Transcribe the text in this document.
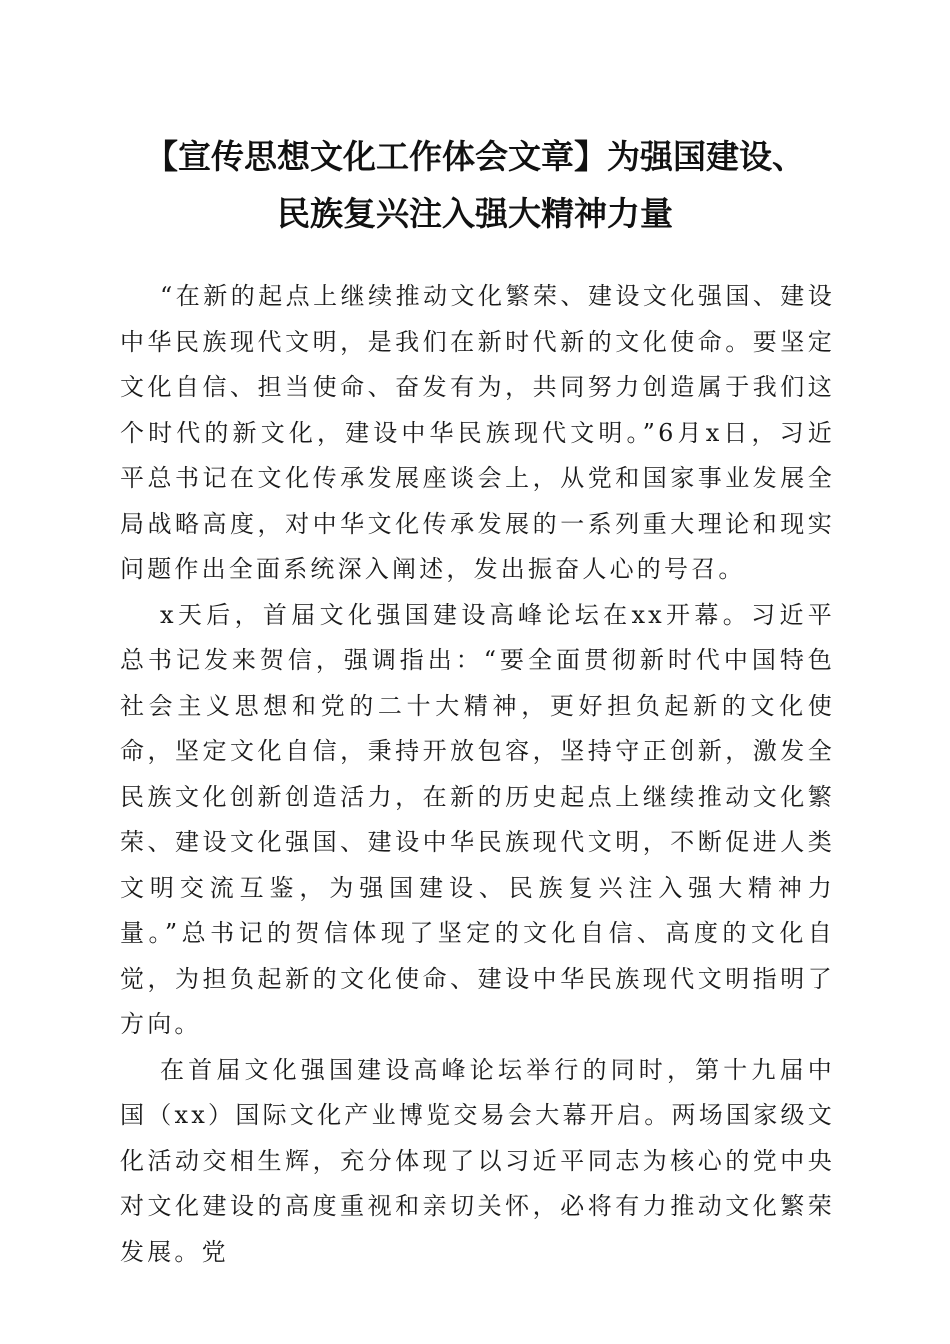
【宣传思想文化工作体会文章】为强国建设、
民族复兴注入强大精神力量

“在新的起点上继续推动文化繁荣、建设文化强国、建设中华民族现代文明，是我们在新时代新的文化使命。要坚定文化自信、担当使命、奋发有为，共同努力创造属于我们这个时代的新文化，建设中华民族现代文明。”6月x日，习近平总书记在文化传承发展座谈会上，从党和国家事业发展全局战略高度，对中华文化传承发展的一系列重大理论和现实问题作出全面系统深入阐述，发出振奋人心的号召。

x天后，首届文化强国建设高峰论坛在xx开幕。习近平总书记发来贺信，强调指出：“要全面贯彻新时代中国特色社会主义思想和党的二十大精神，更好担负起新的文化使命，坚定文化自信，秉持开放包容，坚持守正创新，激发全民族文化创新创造活力，在新的历史起点上继续推动文化繁荣、建设文化强国、建设中华民族现代文明，不断促进人类文明交流互鉴，为强国建设、民族复兴注入强大精神力量。”总书记的贺信体现了坚定的文化自信、高度的文化自觉，为担负起新的文化使命、建设中华民族现代文明指明了方向。

在首届文化强国建设高峰论坛举行的同时，第十九届中国（xx）国际文化产业博览交易会大幕开启。两场国家级文化活动交相生辉，充分体现了以习近平同志为核心的党中央对文化建设的高度重视和亲切关怀，必将有力推动文化繁荣发展。党
